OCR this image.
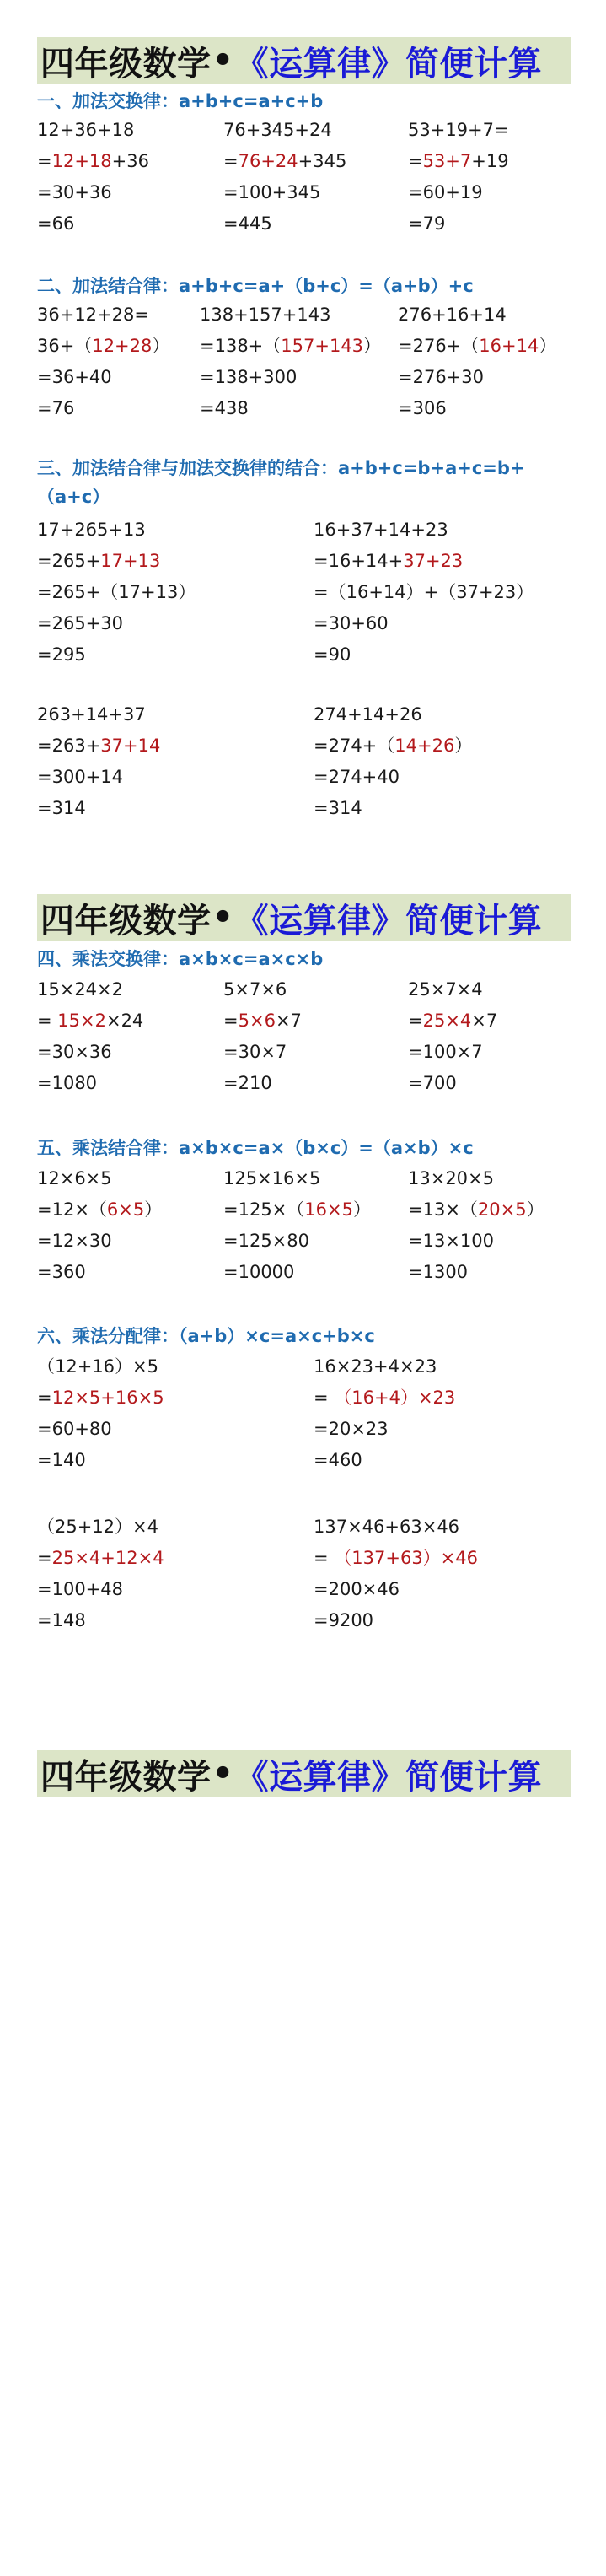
四年级数学 • 《运算律》 简便计算
一、加法交换律：a+b+c=a+c+b
12+36+18
=12+18+36
=30+36
=66
76+345+24
=76+24+345
=100+345
=445
53+19+7=
=53+7+19
=60+19
=79
二、加法结合律：a+b+c=a+（b+c）=（a+b）+c
36+12+28=
36+（12+28）
=36+40
=76
138+157+143
=138+（157+143）
=138+300
=438
276+16+14
=276+（16+14）
=276+30
=306
三、加法结合律与加法交换律的结合：a+b+c=b+a+c=b+（a+c）
17+265+13
=265+17+13
=265+（17+13）
=265+30
=295
16+37+14+23
=16+14+37+23
=（16+14）+（37+23）
=30+60
=90
263+14+37
=263+37+14
=300+14
=314
274+14+26
=274+（14+26）
=274+40
=314
四年级数学 • 《运算律》 简便计算
四、乘法交换律：a×b×c=a×c×b
15×24×2
= 15×2×24
=30×36
=1080
5×7×6
=5×6×7
=30×7
=210
25×7×4
=25×4×7
=100×7
=700
五、乘法结合律：a×b×c=a×（b×c）=（a×b）×c
12×6×5
=12×（6×5）
=12×30
=360
125×16×5
=125×（16×5）
=125×80
=10000
13×20×5
=13×（20×5）
=13×100
=1300
六、乘法分配律：（a+b）×c=a×c+b×c
（12+16）×5
=12×5+16×5
=60+80
=140
16×23+4×23
= （16+4）×23
=20×23
=460
（25+12）×4
=25×4+12×4
=100+48
=148
137×46+63×46
= （137+63）×46
=200×46
=9200
四年级数学 • 《运算律》 简便计算
